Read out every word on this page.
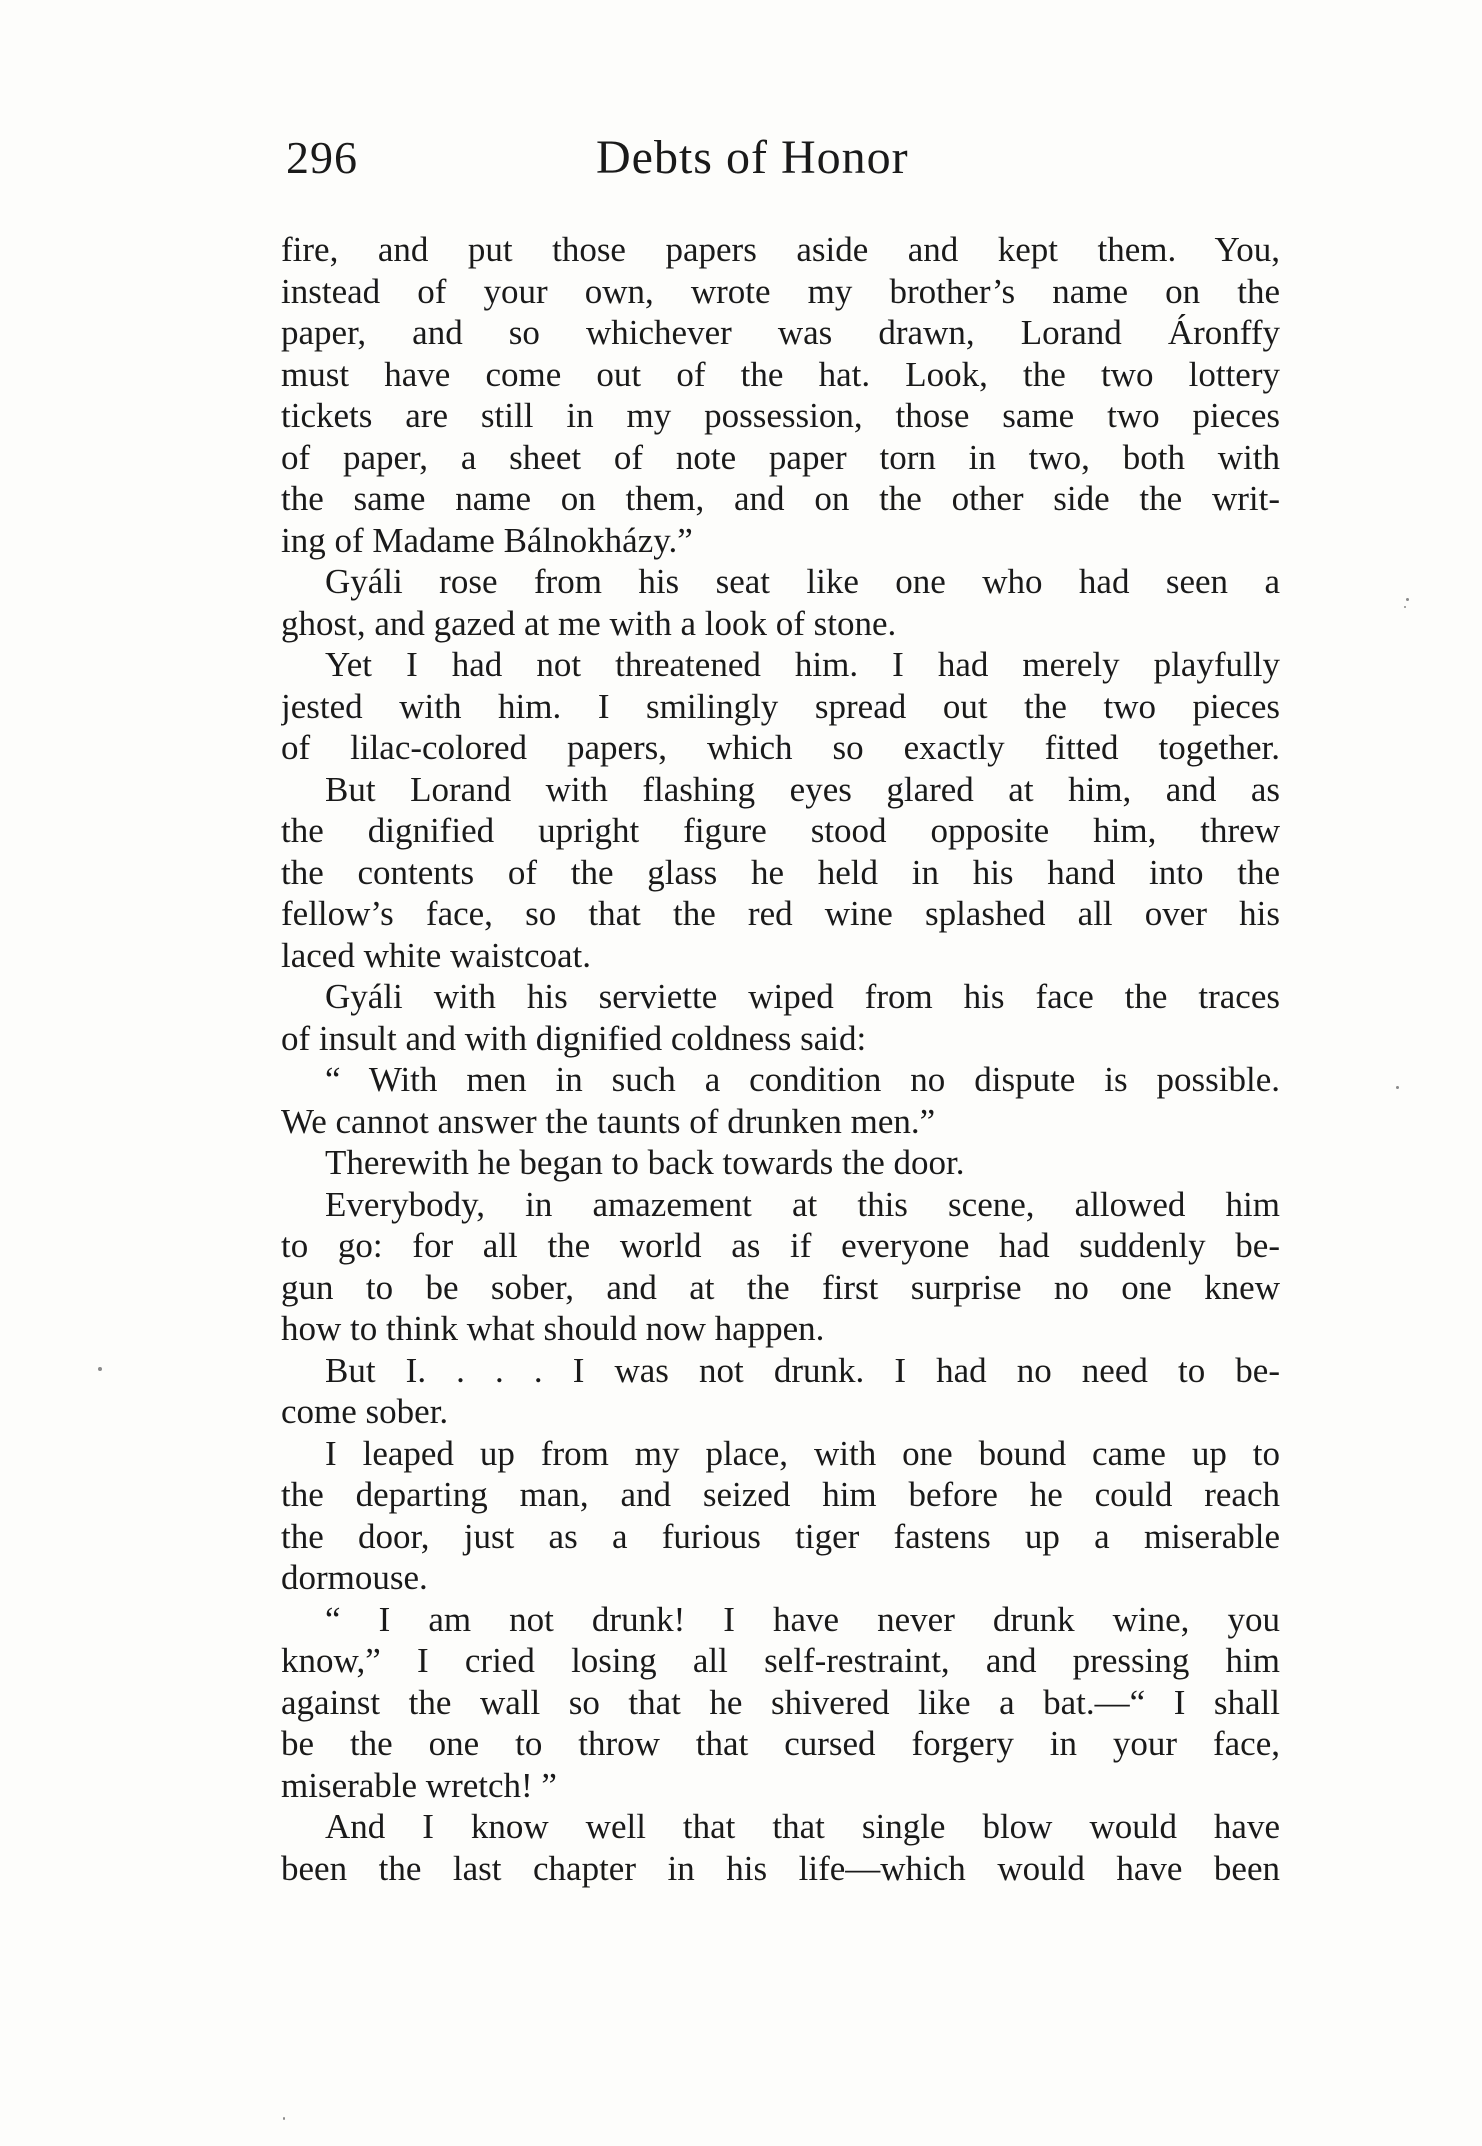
296	Debts of Honor
fire, and put those papers aside and kept them. You,
instead of your own, wrote my brother’s name on the
paper, and so whichever was drawn, Lorand Áronffy
must have come out of the hat. Look, the two lottery
tickets are still in my possession, those same two pieces
of paper, a sheet of note paper torn in two, both with
the same name on them, and on the other side the writ-
ing of Madame Bálnokházy.”
Gyáli rose from his seat like one who had seen a
ghost, and gazed at me with a look of stone.
Yet I had not threatened him. I had merely playfully
jested with him. I smilingly spread out the two pieces
of lilac-colored papers, which so exactly fitted together.
But Lorand with flashing eyes glared at him, and as
the dignified upright figure stood opposite him, threw
the contents of the glass he held in his hand into the
fellow’s face, so that the red wine splashed all over his
laced white waistcoat.
Gyáli with his serviette wiped from his face the traces
of insult and with dignified coldness said:
“ With men in such a condition no dispute is possible.
We cannot answer the taunts of drunken men.”
Therewith he began to back towards the door.
Everybody, in amazement at this scene, allowed him
to go: for all the world as if everyone had suddenly be-
gun to be sober, and at the first surprise no one knew
how to think what should now happen.
But I. . . . I was not drunk. I had no need to be-
come sober.
I leaped up from my place, with one bound came up to
the departing man, and seized him before he could reach
the door, just as a furious tiger fastens up a miserable
dormouse.
“ I am not drunk! I have never drunk wine, you
know,” I cried losing all self-restraint, and pressing him
against the wall so that he shivered like a bat.—“ I shall
be the one to throw that cursed forgery in your face,
miserable wretch! ”
And I know well that that single blow would have
been the last chapter in his life—which would have been
